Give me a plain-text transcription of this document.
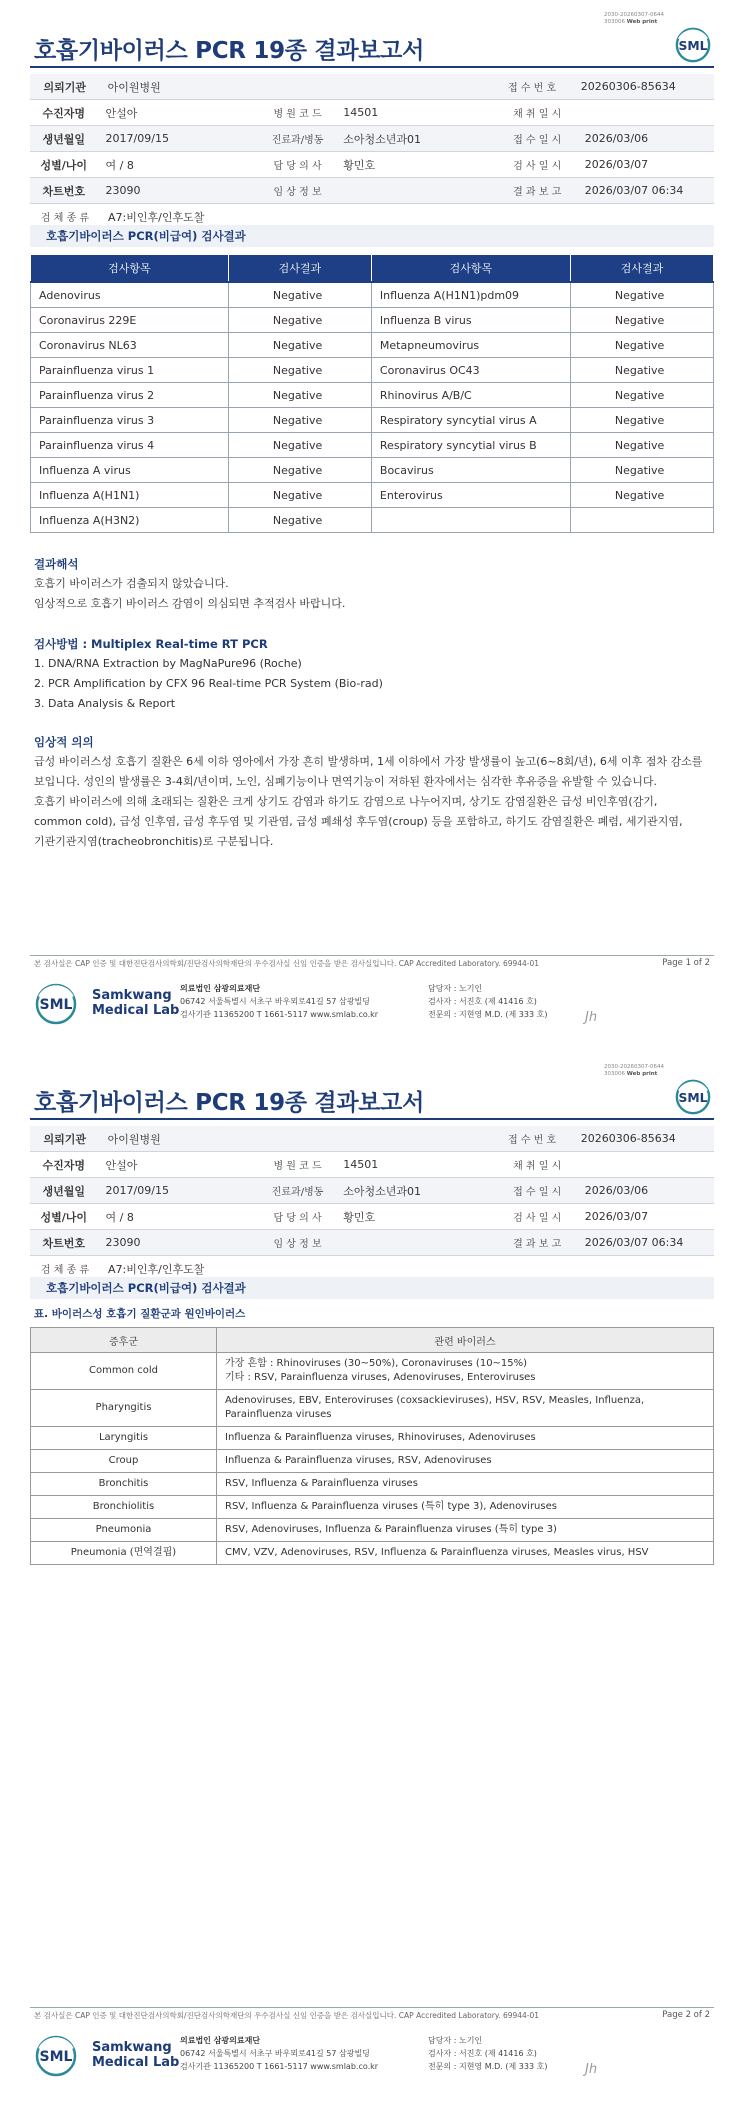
2030-20260307-0644
303006 Web print
호흡기바이러스 PCR 19종 결과보고서	SML
의뢰기관	아이원병원	접 수 번 호	20260306-85634
수진자명	안설아	병 원 코 드	14501	채 취 일 시
생년월일	2017/09/15	진료과/병동	소아청소년과01	접 수 일 시	2026/03/06
성별/나이	여 / 8	담 당 의 사	황민호	검 사 일 시	2026/03/07
차트번호	23090	임 상 정 보	결 과 보 고	2026/03/07 06:34
검 체 종 류	A7:비인후/인후도찰
호흡기바이러스 PCR(비급여) 검사결과
검사항목	검사결과	검사항목	검사결과
Adenovirus	Negative	Influenza A(H1N1)pdm09	Negative
Coronavirus 229E	Negative	Influenza B virus	Negative
Coronavirus NL63	Negative	Metapneumovirus	Negative
Parainfluenza virus 1	Negative	Coronavirus OC43	Negative
Parainfluenza virus 2	Negative	Rhinovirus A/B/C	Negative
Parainfluenza virus 3	Negative	Respiratory syncytial virus A	Negative
Parainfluenza virus 4	Negative	Respiratory syncytial virus B	Negative
Influenza A virus	Negative	Bocavirus	Negative
Influenza A(H1N1)	Negative	Enterovirus	Negative
Influenza A(H3N2)	Negative		
결과해석
호흡기 바이러스가 검출되지 않았습니다.
임상적으로 호흡기 바이러스 감염이 의심되면 추적검사 바랍니다.
검사방법 : Multiplex Real-time RT PCR
1. DNA/RNA Extraction by MagNaPure96 (Roche)
2. PCR Amplification by CFX 96 Real-time PCR System (Bio-rad)
3. Data Analysis & Report
임상적 의의
급성 바이러스성 호흡기 질환은 6세 이하 영아에서 가장 흔히 발생하며, 1세 이하에서 가장 발생률이 높고(6~8회/년), 6세 이후 점차 감소를
보입니다. 성인의 발생률은 3-4회/년이며, 노인, 심폐기능이나 면역기능이 저하된 환자에서는 심각한 후유증을 유발할 수 있습니다.
호흡기 바이러스에 의해 초래되는 질환은 크게 상기도 감염과 하기도 감염으로 나누어지며, 상기도 감염질환은 급성 비인후염(감기,
common cold), 급성 인후염, 급성 후두염 및 기관염, 급성 폐쇄성 후두염(croup) 등을 포함하고, 하기도 감염질환은 폐렴, 세기관지염,
기관기관지염(tracheobronchitis)로 구분됩니다.
본 검사실은 CAP 인증 및 대한진단검사의학회/진단검사의학재단의 우수검사실 신임 인증을 받은 검사실입니다. CAP Accredited Laboratory. 69944-01	Page 1 of 2
SML
Samkwang
Medical Lab
의료법인 삼광의료재단
06742 서울특별시 서초구 바우뫼로41길 57 삼광빌딩
검사기관 11365200 T 1661-5117 www.smlab.co.kr
담당자 : 노기인
검사자 : 서진호 (제 41416 호)
전문의 : 지현영 M.D. (제 333 호)	Jh
2030-20260307-0644
303006 Web print
호흡기바이러스 PCR 19종 결과보고서	SML
의뢰기관	아이원병원	접 수 번 호	20260306-85634
수진자명	안설아	병 원 코 드	14501	채 취 일 시
생년월일	2017/09/15	진료과/병동	소아청소년과01	접 수 일 시	2026/03/06
성별/나이	여 / 8	담 당 의 사	황민호	검 사 일 시	2026/03/07
차트번호	23090	임 상 정 보	결 과 보 고	2026/03/07 06:34
검 체 종 류	A7:비인후/인후도찰
호흡기바이러스 PCR(비급여) 검사결과
표. 바이러스성 호흡기 질환군과 원인바이러스
증후군	관련 바이러스
Common cold	가장 흔함 : Rhinoviruses (30~50%), Coronaviruses (10~15%)
기타 : RSV, Parainfluenza viruses, Adenoviruses, Enteroviruses

Pharyngitis	Adenoviruses, EBV, Enteroviruses (coxsackieviruses), HSV, RSV, Measles, Influenza,
Parainfluenza viruses

Laryngitis	Influenza & Parainfluenza viruses, Rhinoviruses, Adenoviruses
Croup	Influenza & Parainfluenza viruses, RSV, Adenoviruses
Bronchitis	RSV, Influenza & Parainfluenza viruses
Bronchiolitis	RSV, Influenza & Parainfluenza viruses (특히 type 3), Adenoviruses
Pneumonia	RSV, Adenoviruses, Influenza & Parainfluenza viruses (특히 type 3)
Pneumonia (면역결핍)	CMV, VZV, Adenoviruses, RSV, Influenza & Parainfluenza viruses, Measles virus, HSV
본 검사실은 CAP 인증 및 대한진단검사의학회/진단검사의학재단의 우수검사실 신임 인증을 받은 검사실입니다. CAP Accredited Laboratory. 69944-01	Page 2 of 2
SML
Samkwang
Medical Lab
의료법인 삼광의료재단
06742 서울특별시 서초구 바우뫼로41길 57 삼광빌딩
검사기관 11365200 T 1661-5117 www.smlab.co.kr
담당자 : 노기인
검사자 : 서진호 (제 41416 호)
전문의 : 지현영 M.D. (제 333 호)	Jh
